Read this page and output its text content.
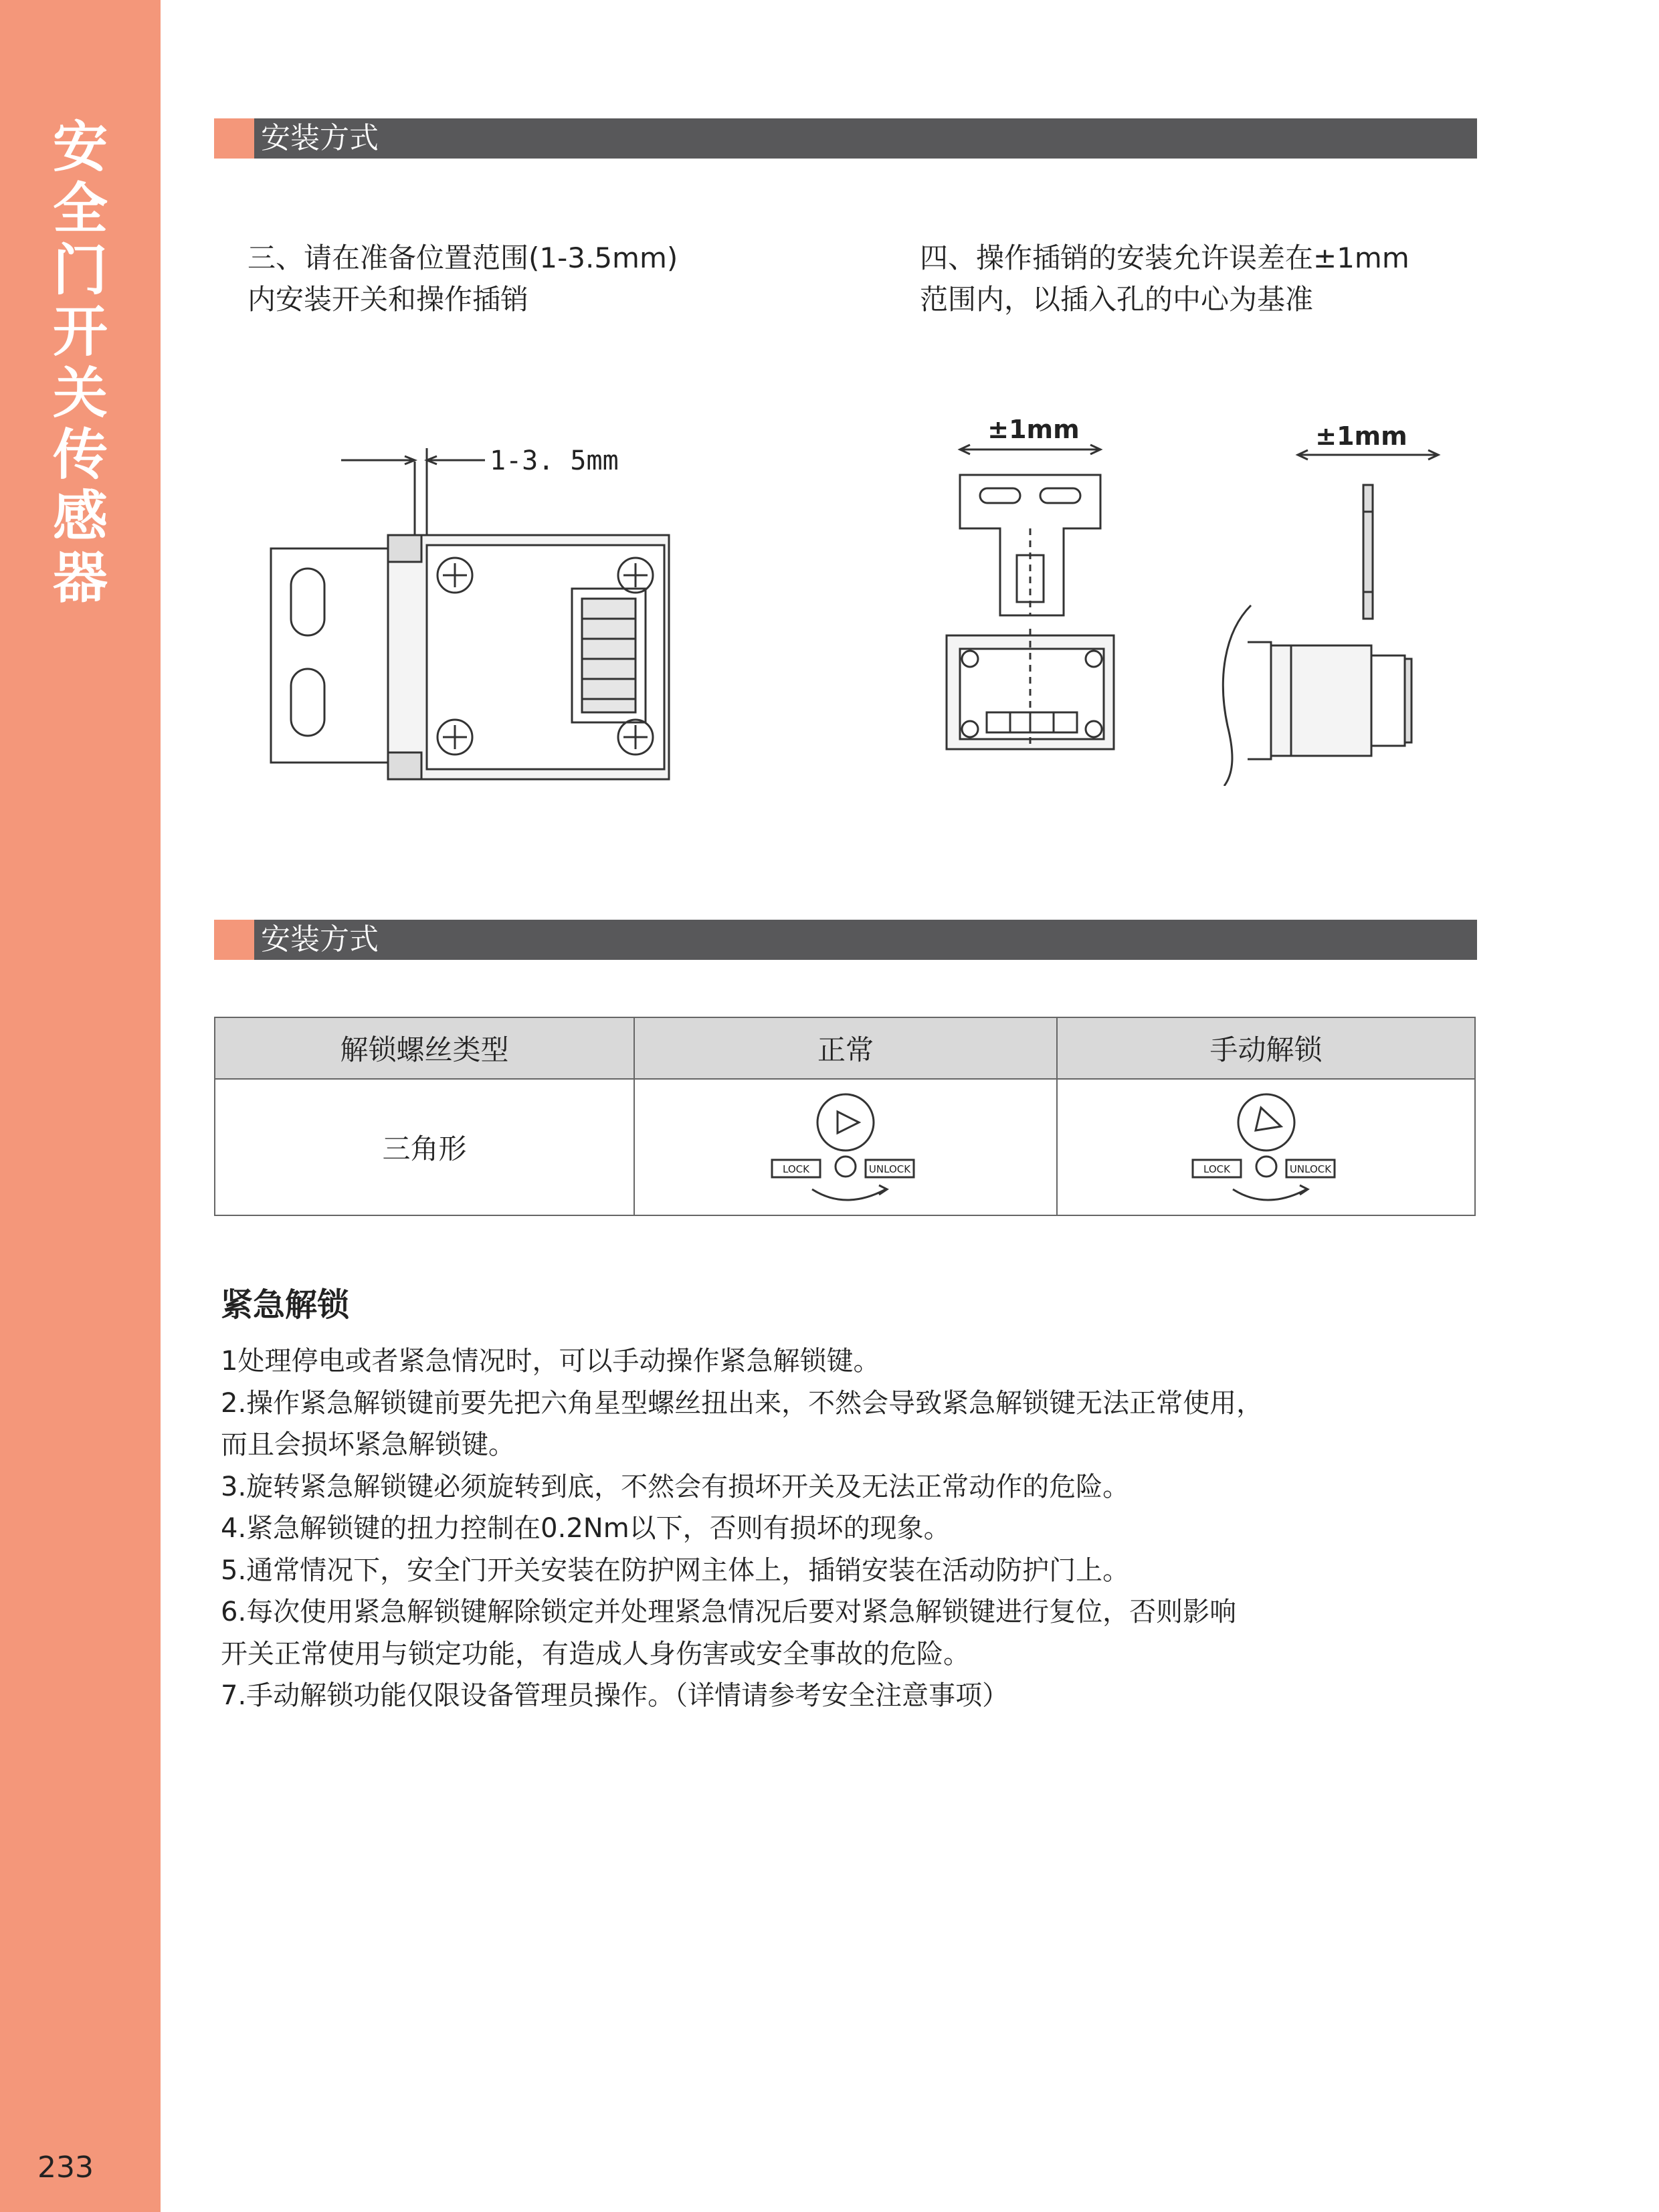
安全门开关传感器
233
安装方式
三、请在准备位置范围(1-3.5mm)
内安装开关和操作插销
四、操作插销的安装允许误差在±1mm
范围内，以插入孔的中心为基准
1-3. 5mm
±1mm	±1mm
安装方式
解锁螺丝类型	正常	手动解锁
三角形	LOCK UNLOCK	LOCK UNLOCK
紧急解锁
1处理停电或者紧急情况时，可以手动操作紧急解锁键。
2.操作紧急解锁键前要先把六角星型螺丝扭出来，不然会导致紧急解锁键无法正常使用，
而且会损坏紧急解锁键。
3.旋转紧急解锁键必须旋转到底，不然会有损坏开关及无法正常动作的危险。
4.紧急解锁键的扭力控制在0.2Nm以下，否则有损坏的现象。
5.通常情况下，安全门开关安装在防护网主体上，插销安装在活动防护门上。
6.每次使用紧急解锁键解除锁定并处理紧急情况后要对紧急解锁键进行复位，否则影响
开关正常使用与锁定功能，有造成人身伤害或安全事故的危险。
7.手动解锁功能仅限设备管理员操作。（详情请参考安全注意事项）
